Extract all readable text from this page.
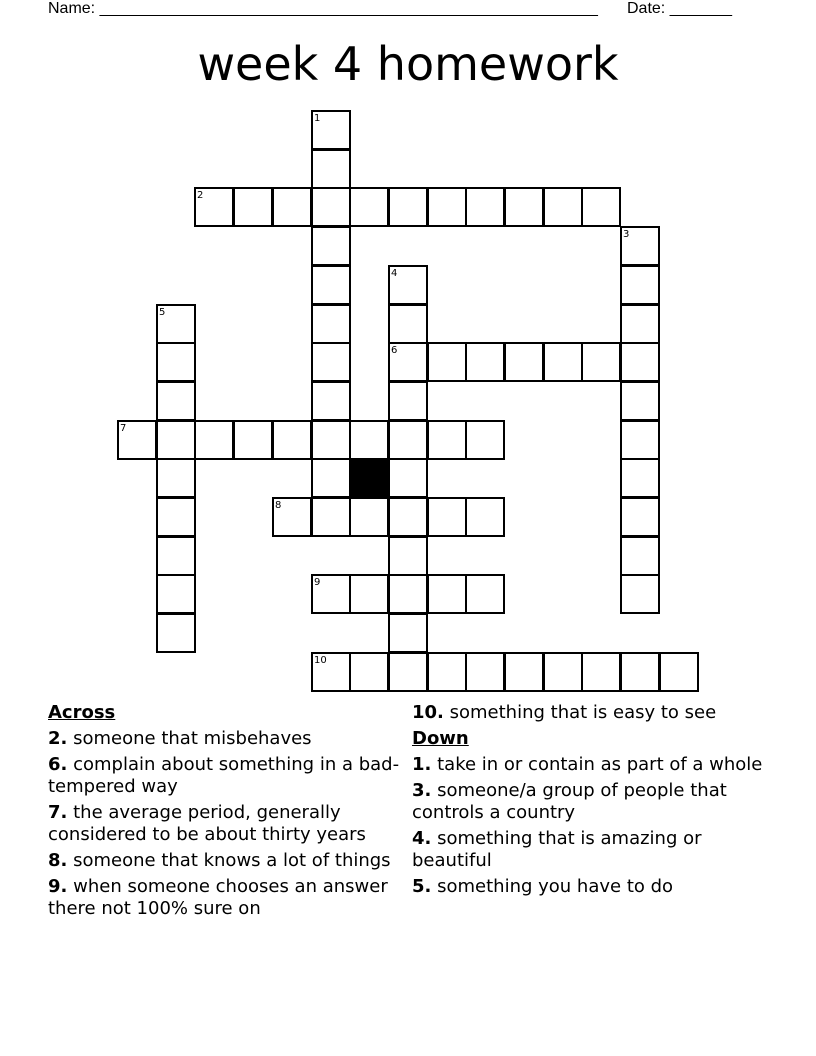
Name: ________________________________________________________ Date: _______
week 4 homework
1
2
3
4
5
6
7
8
9
10
Across
2. someone that misbehaves
6. complain about something in a bad-tempered way
7. the average period, generally considered to be about thirty years
8. someone that knows a lot of things
9. when someone chooses an answer there not 100% sure on
10. something that is easy to see
Down
1. take in or contain as part of a whole
3. someone/a group of people that controls a country
4. something that is amazing or beautiful
5. something you have to do
